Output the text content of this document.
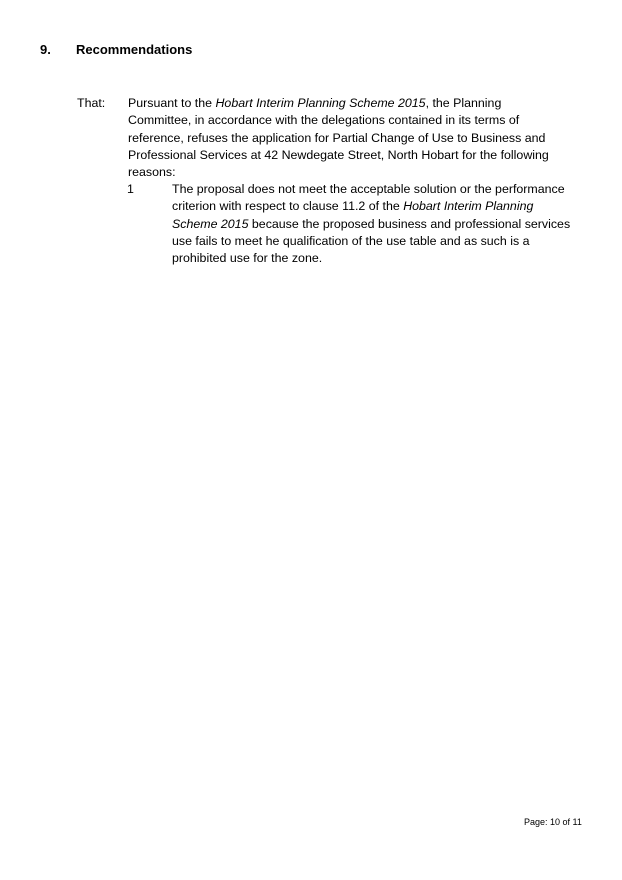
9. Recommendations
That: Pursuant to the Hobart Interim Planning Scheme 2015, the Planning Committee, in accordance with the delegations contained in its terms of reference, refuses the application for Partial Change of Use to Business and Professional Services at 42 Newdegate Street, North Hobart for the following reasons:
1	The proposal does not meet the acceptable solution or the performance criterion with respect to clause 11.2 of the Hobart Interim Planning Scheme 2015 because the proposed business and professional services use fails to meet he qualification of the use table and as such is a prohibited use for the zone.
Page: 10 of 11
